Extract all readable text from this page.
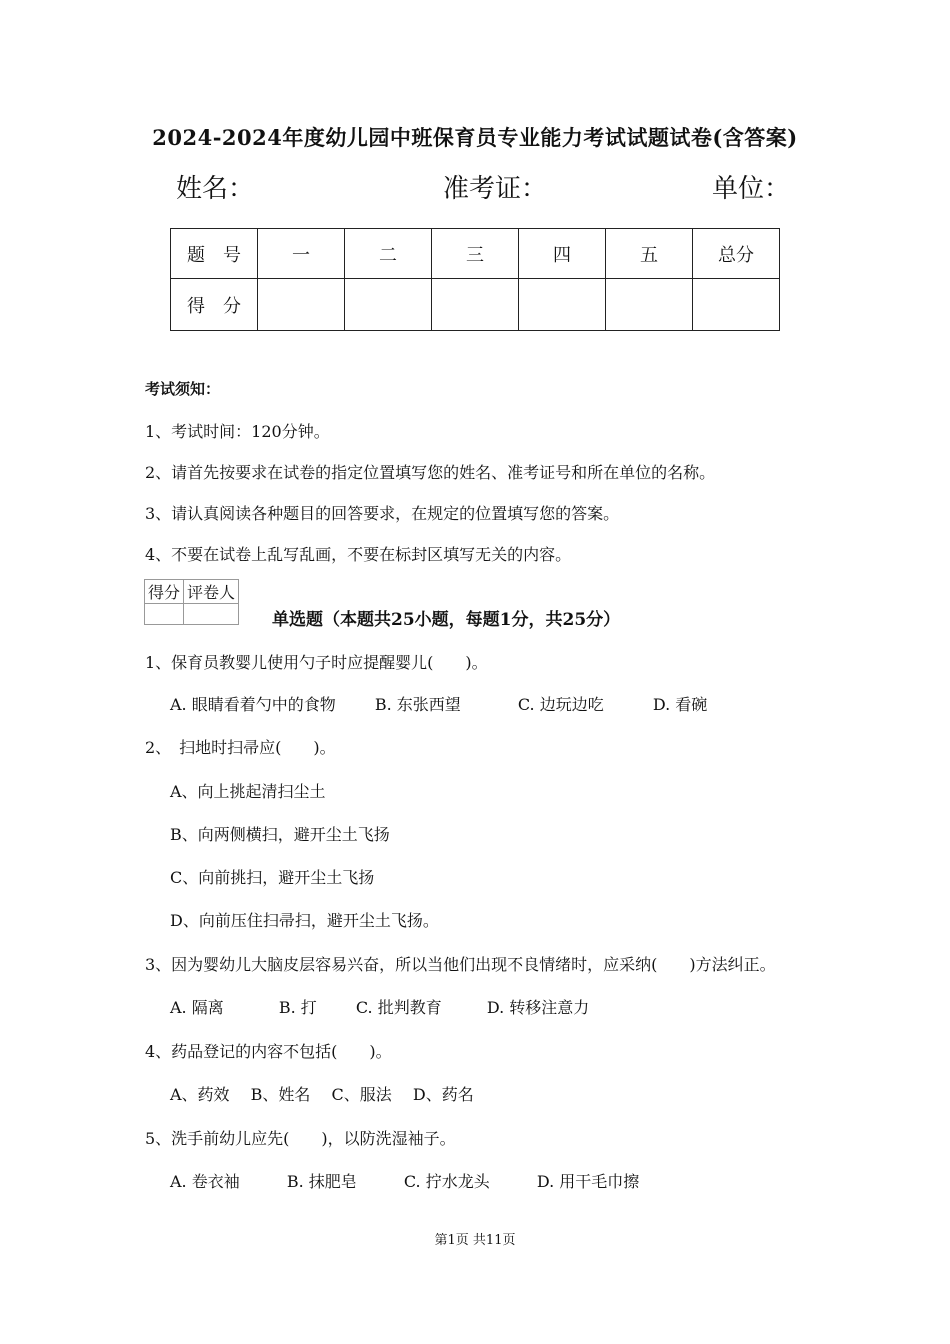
2024-2024年度幼儿园中班保育员专业能力考试试题试卷(含答案)
姓名：	准考证：	单位：
题　号	一	二	三	四	五	总分
得　分						
考试须知：
1、考试时间：120分钟。
2、请首先按要求在试卷的指定位置填写您的姓名、准考证号和所在单位的名称。
3、请认真阅读各种题目的回答要求，在规定的位置填写您的答案。
4、不要在试卷上乱写乱画，不要在标封区填写无关的内容。
得分	评卷人

单选题（本题共25小题，每题1分，共25分）
1、保育员教婴儿使用勺子时应提醒婴儿(　　)。
A. 眼睛看着勺中的食物 B. 东张西望	C. 边玩边吃	D. 看碗
2、　扫地时扫帚应(　　)。
A、向上挑起清扫尘土
B、向两侧横扫，避开尘土飞扬
C、向前挑扫，避开尘土飞扬
D、向前压住扫帚扫，避开尘土飞扬。
3、因为婴幼儿大脑皮层容易兴奋，所以当他们出现不良情绪时，应采纳(　　)方法纠正。
A. 隔离	B. 打 C. 批判教育	D. 转移注意力
4、药品登记的内容不包括(　　)。
A、药效 B、姓名 C、服法 D、药名
5、洗手前幼儿应先(　　)，以防洗湿袖子。
A. 卷衣袖	B. 抹肥皂	C. 拧水龙头	D. 用干毛巾擦
第1页 共11页
